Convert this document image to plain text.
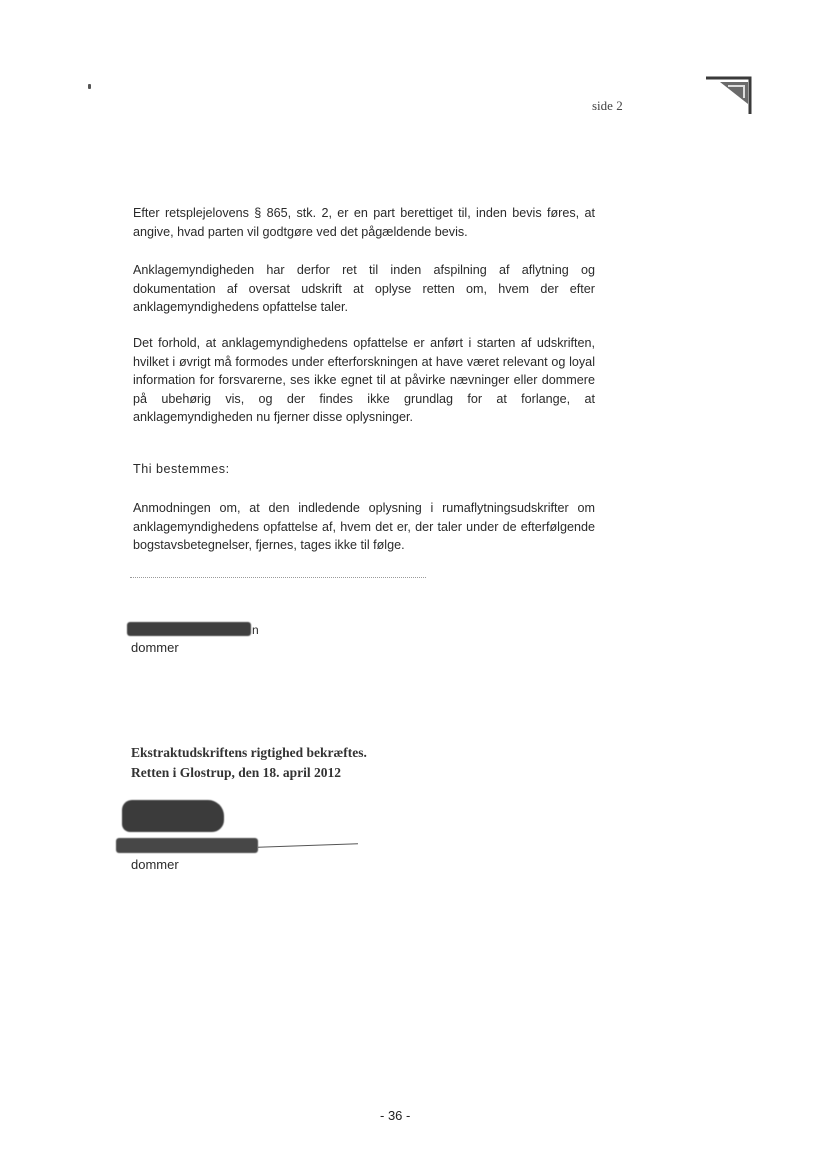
side 2

Efter retsplejelovens § 865, stk. 2, er en part berettiget til, inden bevis føres, at angive, hvad parten vil godtgøre ved det pågældende bevis.

Anklagemyndigheden har derfor ret til inden afspilning af aflytning og dokumentation af oversat udskrift at oplyse retten om, hvem der efter anklagemyndighedens opfattelse taler.

Det forhold, at anklagemyndighedens opfattelse er anført i starten af udskriften, hvilket i øvrigt må formodes under efterforskningen at have været relevant og loyal information for forsvarerne, ses ikke egnet til at påvirke nævninger eller dommere på ubehørig vis, og der findes ikke grundlag for at forlange, at anklagemyndigheden nu fjerner disse oplysninger.

Thi bestemmes:

Anmodningen om, at den indledende oplysning i rumaflytningsudskrifter om anklagemyndighedens opfattelse af, hvem det er, der taler under de efterfølgende bogstavsbetegnelser, fjernes, tages ikke til følge.

n
dommer
Ekstraktudskriftens rigtighed bekræftes.
Retten i Glostrup, den 18. april 2012
dommer
- 36 -
